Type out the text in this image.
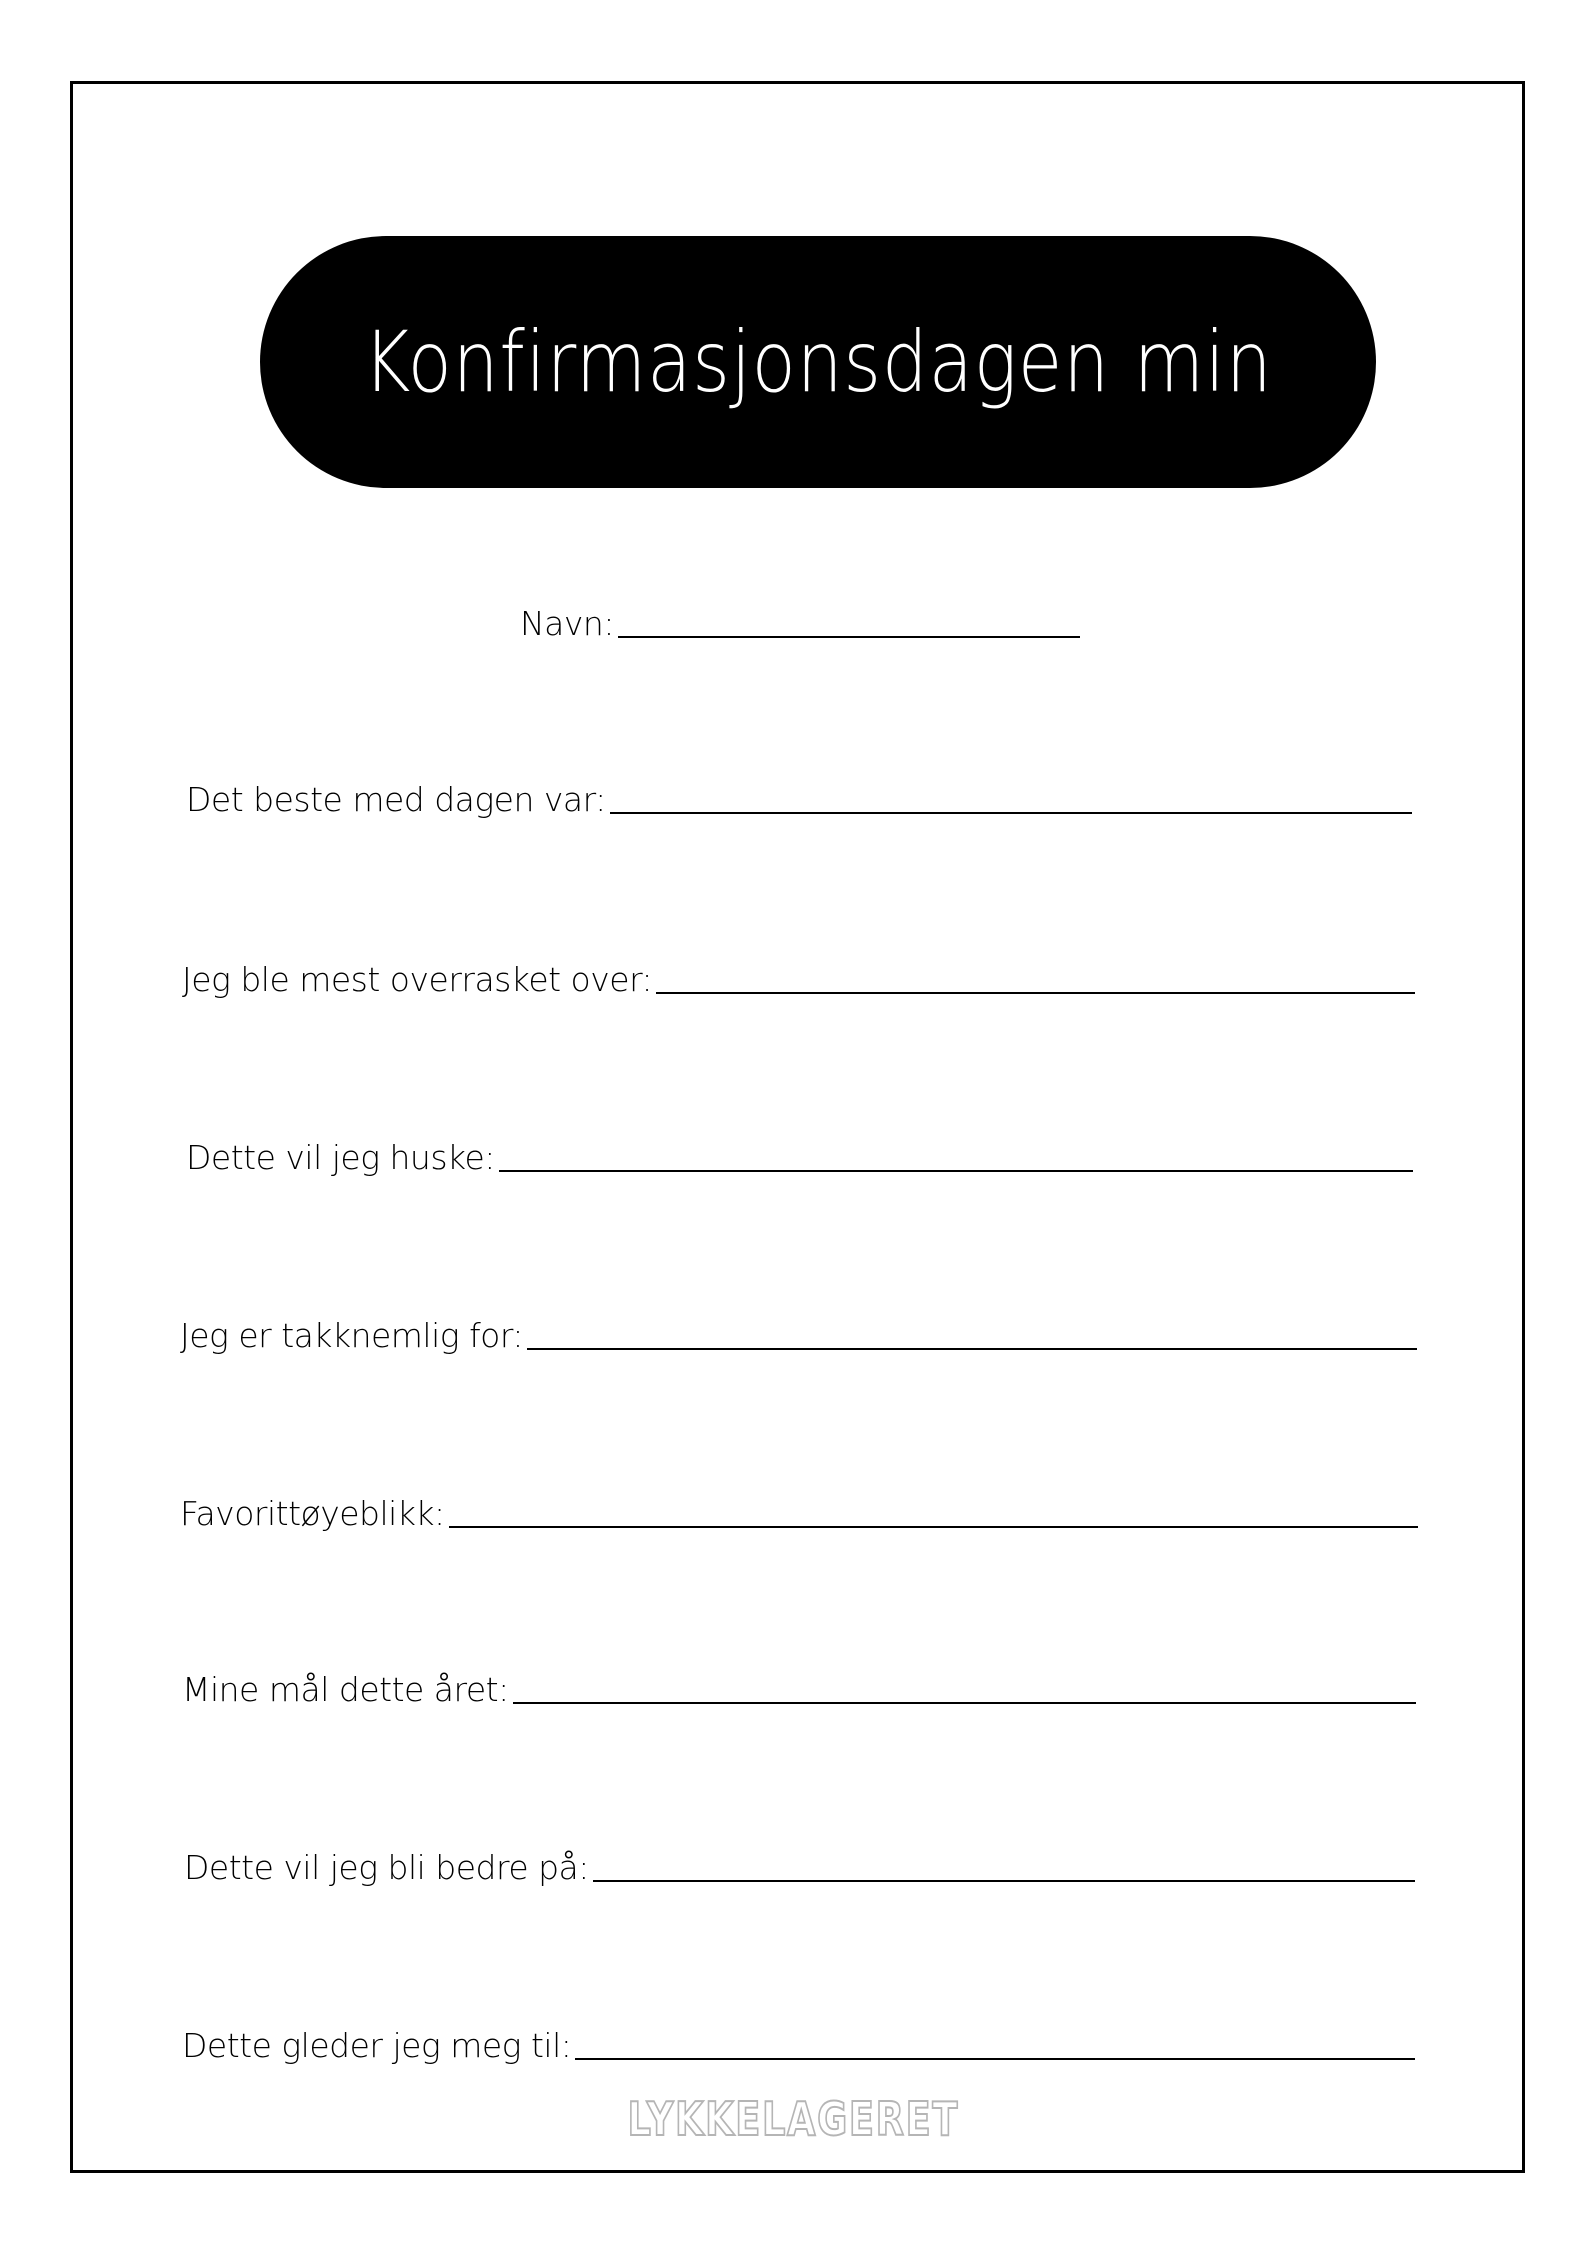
Konfirmasjonsdagen min
Navn:
Det beste med dagen var:
Jeg ble mest overrasket over:
Dette vil jeg huske:
Jeg er takknemlig for:
Favorittøyeblikk:
Mine mål dette året:
Dette vil jeg bli bedre på:
Dette gleder jeg meg til:
LYKKELAGERET
